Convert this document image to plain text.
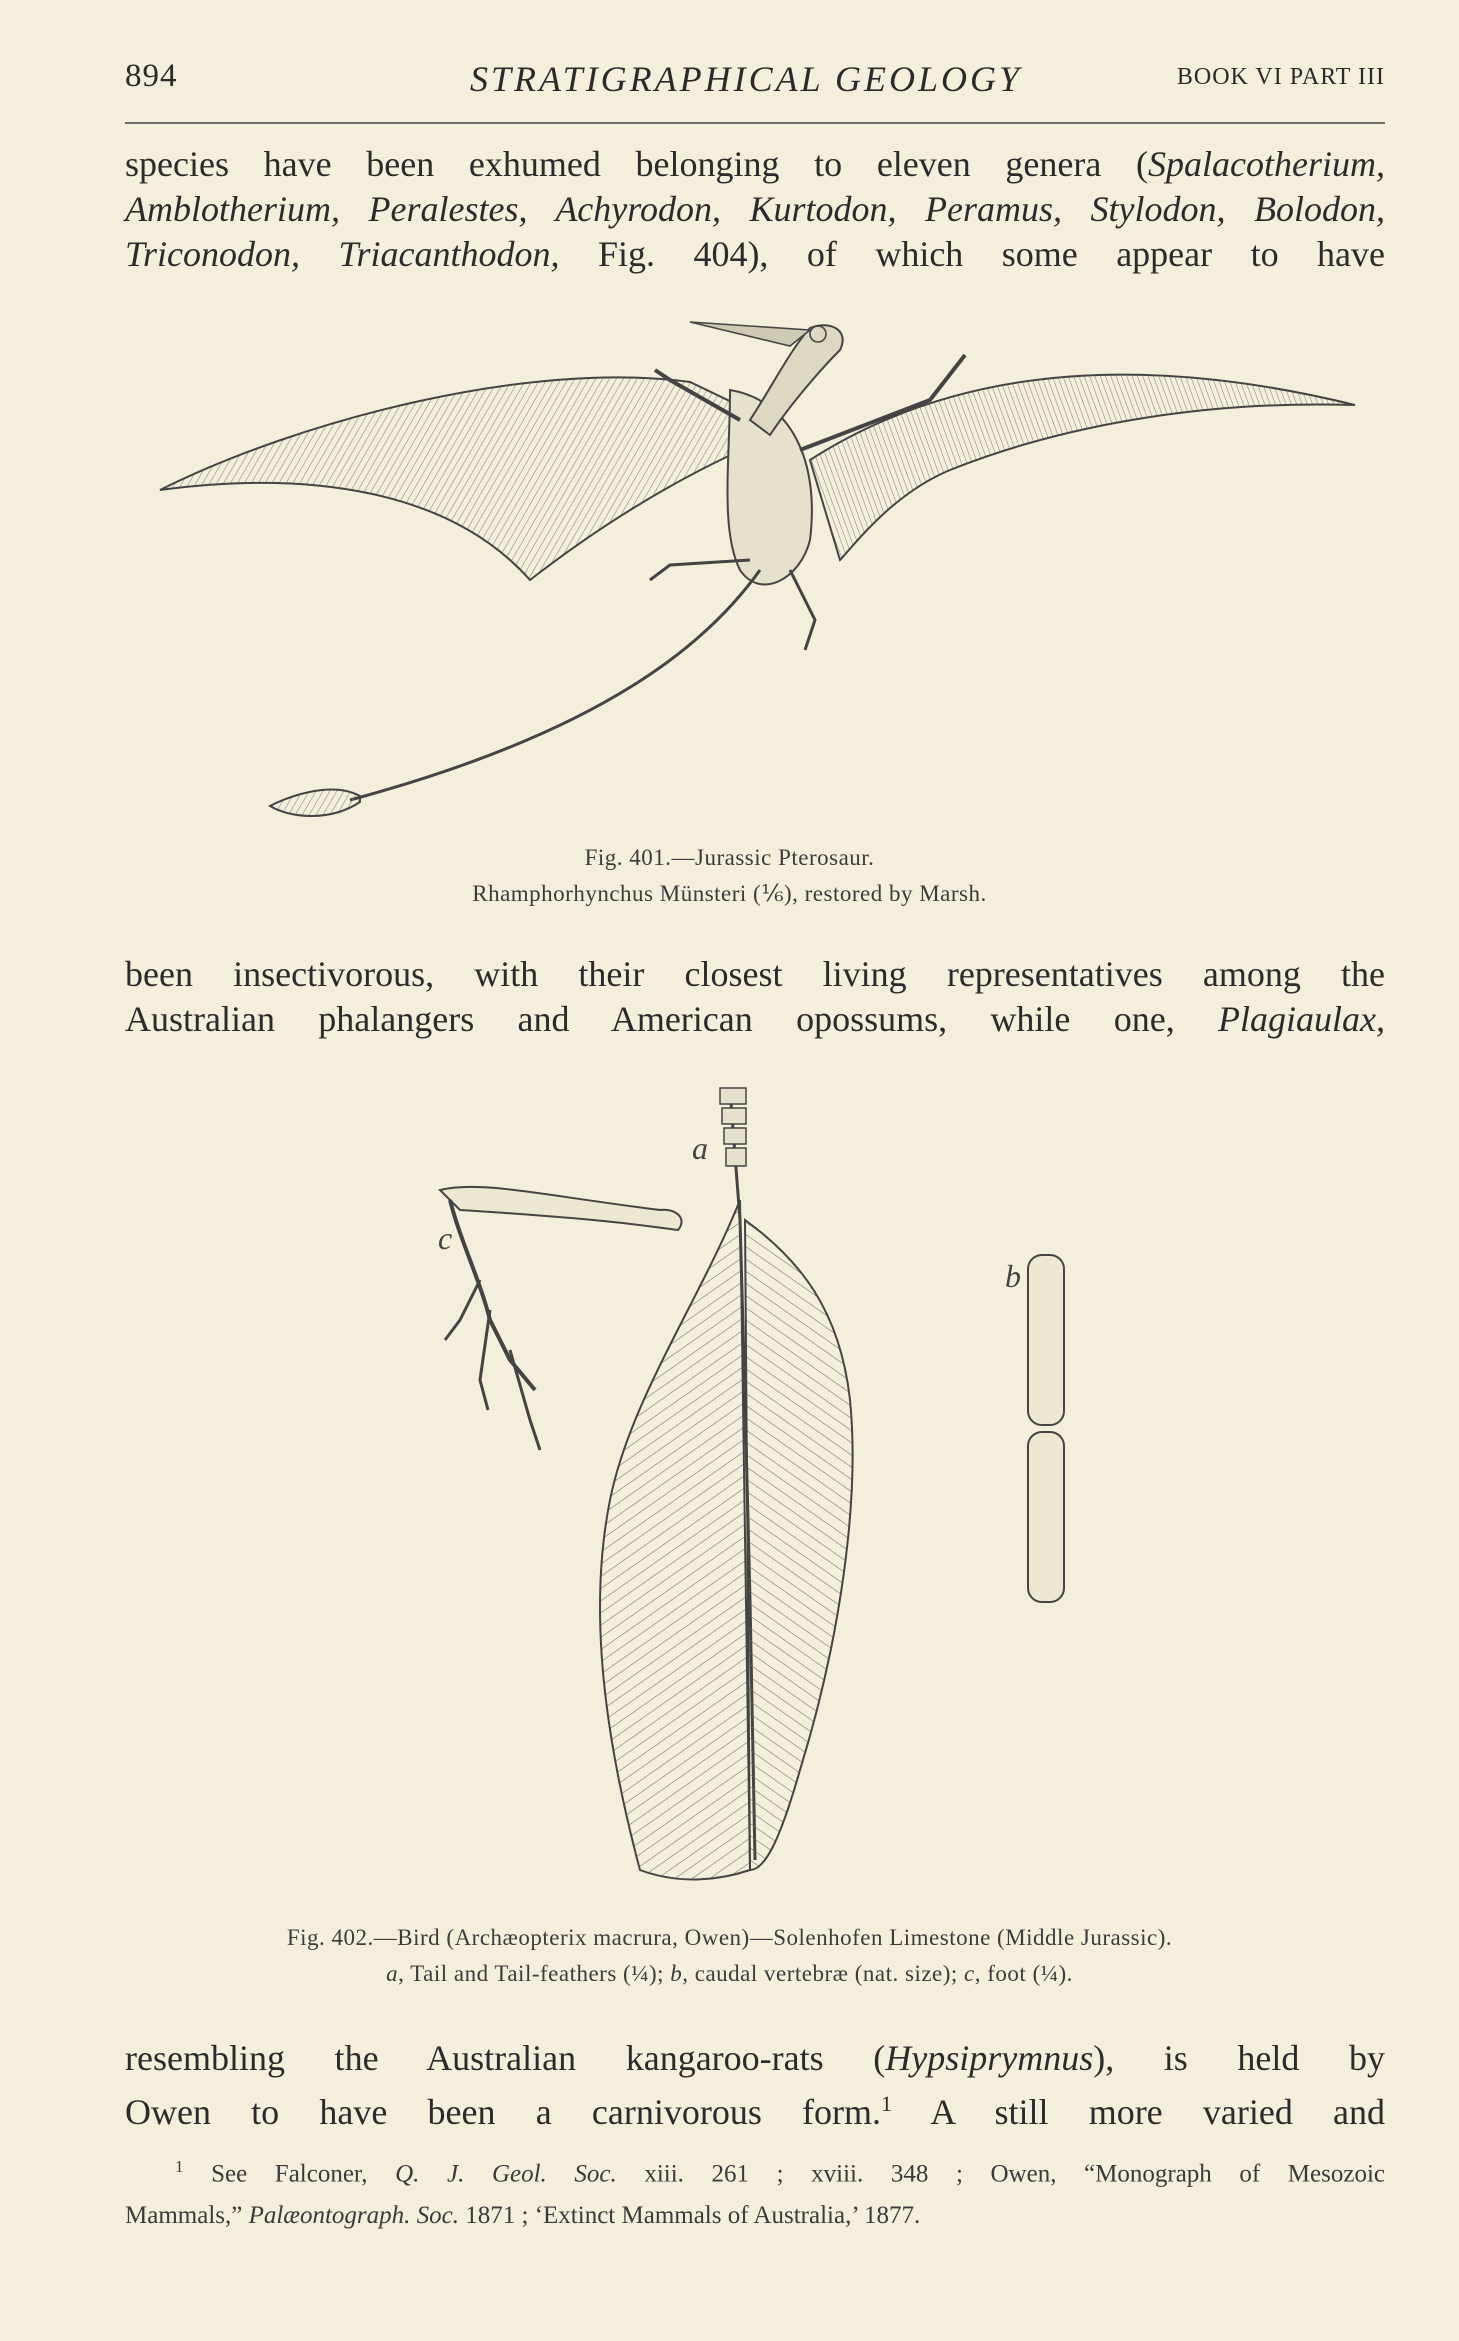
894	STRATIGRAPHICAL GEOLOGY	BOOK VI PART III
species have been exhumed belonging to eleven genera (Spalacotherium,
Amblotherium, Peralestes, Achyrodon, Kurtodon, Peramus, Stylodon, Bolodon,
Triconodon, Triacanthodon, Fig. 404), of which some appear to have
Fig. 401.—Jurassic Pterosaur.
Rhamphorhynchus Münsteri (⅙), restored by Marsh.
been insectivorous, with their closest living representatives among the
Australian phalangers and American opossums, while one, Plagiaulax,
a
b
c
Fig. 402.—Bird (Archæopterix macrura, Owen)—Solenhofen Limestone (Middle Jurassic).
a, Tail and Tail-feathers (¼); b, caudal vertebræ (nat. size); c, foot (¼).
resembling the Australian kangaroo-rats (Hypsiprymnus), is held by
Owen to have been a carnivorous form.$^1$ A still more varied and
$^1$ See Falconer, Q. J. Geol. Soc. xiii. 261 ; xviii. 348 ; Owen, “Monograph of Mesozoic
Mammals,” Palæontograph. Soc. 1871 ; ‘Extinct Mammals of Australia,’ 1877.
